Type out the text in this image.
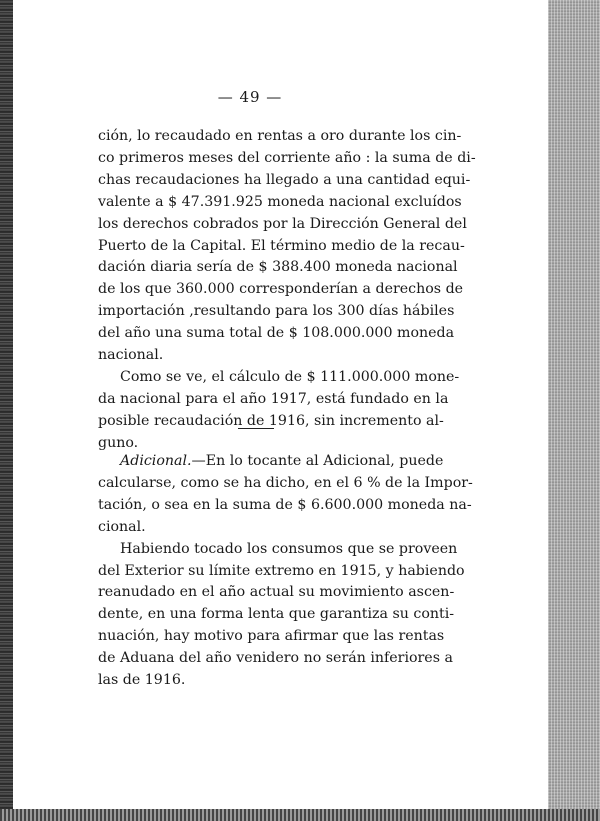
— 49 —
ción, lo recaudado en rentas a oro durante los cin-
co primeros meses del corriente año : la suma de di-
chas recaudaciones ha llegado a una cantidad equi-
valente a $ 47.391.925 moneda nacional excluídos
los derechos cobrados por la Dirección General del
Puerto de la Capital. El término medio de la recau-
dación diaria sería de $ 388.400 moneda nacional
de los que 360.000 corresponderían a derechos de
importación ,resultando para los 300 días hábiles
del año una suma total de $ 108.000.000 moneda
nacional.
Como se ve, el cálculo de $ 111.000.000 mone-
da nacional para el año 1917, está fundado en la
posible recaudación de 1916, sin incremento al-
guno.
Adicional.—En lo tocante al Adicional, puede
calcularse, como se ha dicho, en el 6 % de la Impor-
tación, o sea en la suma de $ 6.600.000 moneda na-
cional.
Habiendo tocado los consumos que se proveen
del Exterior su límite extremo en 1915, y habiendo
reanudado en el año actual su movimiento ascen-
dente, en una forma lenta que garantiza su conti-
nuación, hay motivo para afirmar que las rentas
de Aduana del año venidero no serán inferiores a
las de 1916.
